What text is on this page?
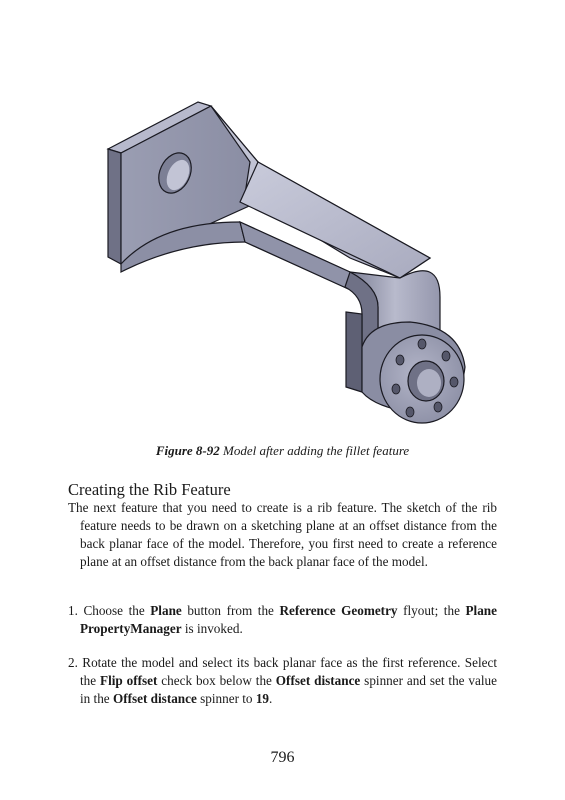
Figure 8-92 Model after adding the fillet feature
Creating the Rib Feature

The next feature that you need to create is a rib feature. The sketch of the rib feature needs to be drawn on a sketching plane at an offset distance from the back planar face of the model. Therefore, you first need to create a reference plane at an offset distance from the back planar face of the model.

1. Choose the Plane button from the Reference Geometry flyout; the Plane PropertyManager is invoked.

2. Rotate the model and select its back planar face as the first reference. Select the Flip offset check box below the Offset distance spinner and set the value in the Offset distance spinner to 19.

796
